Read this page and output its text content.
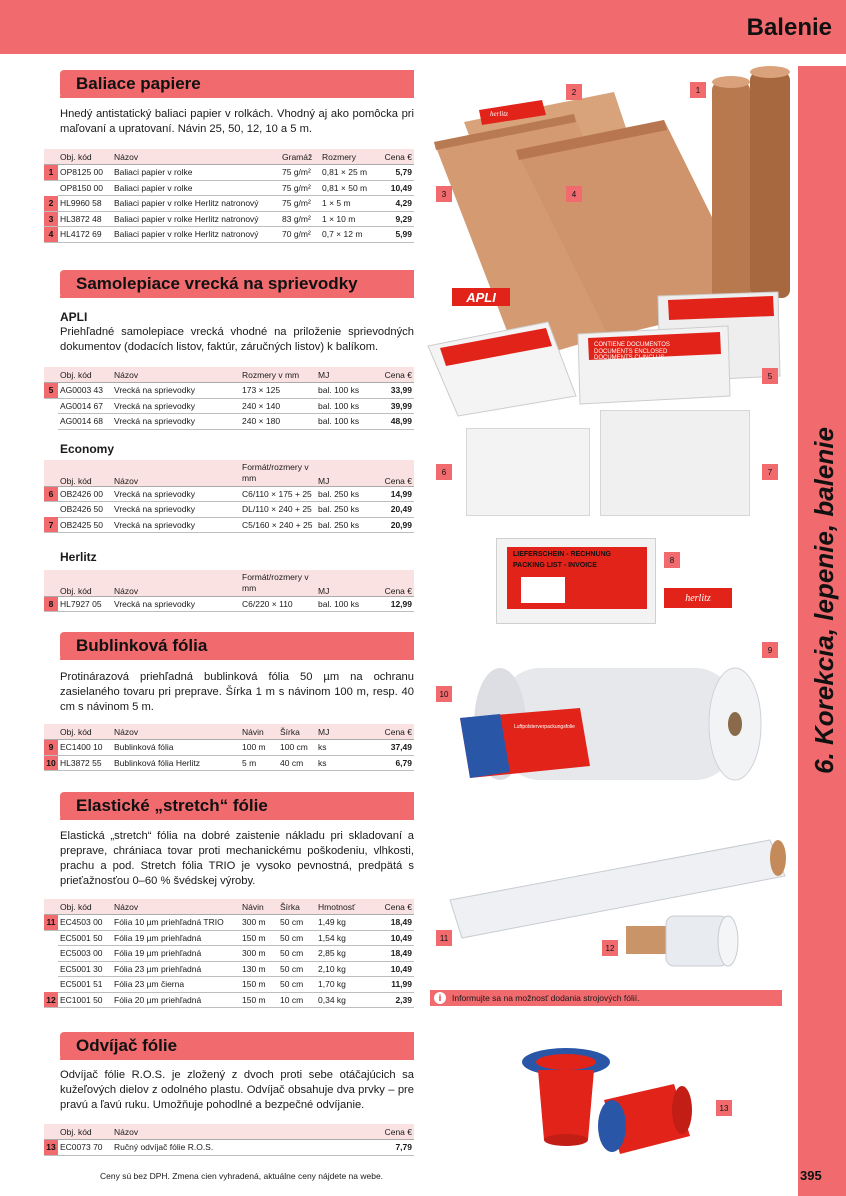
Balenie
6. Korekcia, lepenie, balenie
395
Baliace papiere
Hnedý antistatický baliaci papier v rolkách. Vhodný aj ako pomôcka pri maľovaní a upratovaní. Návin 25, 50, 12, 10 a 5 m.
	Obj. kód	Názov	Gramáž	Rozmery	Cena €
1	OP8125 00	Baliaci papier v rolke	75 g/m²	0,81 × 25 m	5,79
	OP8150 00	Baliaci papier v rolke	75 g/m²	0,81 × 50 m	10,49
2	HL9960 58	Baliaci papier v rolke Herlitz natronový	75 g/m²	1 × 5 m	4,29
3	HL3872 48	Baliaci papier v rolke Herlitz natronový	83 g/m²	1 × 10 m	9,29
4	HL4172 69	Baliaci papier v rolke Herlitz natronový	70 g/m²	0,7 × 12 m	5,99
Samolepiace vrecká na sprievodky
APLI
Priehľadné samolepiace vrecká vhodné na priloženie sprievodných dokumentov (dodacích listov, faktúr, záručných listov) k balíkom.
	Obj. kód	Názov	Rozmery v mm	MJ	Cena €
5	AG0003 43	Vrecká na sprievodky	173 × 125	bal. 100 ks	33,99
	AG0014 67	Vrecká na sprievodky	240 × 140	bal. 100 ks	39,99
	AG0014 68	Vrecká na sprievodky	240 × 180	bal. 100 ks	48,99
Economy
	Obj. kód	Názov	Formát/rozmery v mm	MJ	Cena €
6	OB2426 00	Vrecká na sprievodky	C6/110 × 175 + 25	bal. 250 ks	14,99
	OB2426 50	Vrecká na sprievodky	DL/110 × 240 + 25	bal. 250 ks	20,49
7	OB2425 50	Vrecká na sprievodky	C5/160 × 240 + 25	bal. 250 ks	20,99
Herlitz
	Obj. kód	Názov	Formát/rozmery v mm	MJ	Cena €
8	HL7927 05	Vrecká na sprievodky	C6/220 × 110	bal. 100 ks	12,99
Bublinková fólia
Protinárazová priehľadná bublinková fólia 50 µm na ochranu zasielaného tovaru pri preprave. Šírka 1 m s návinom 100 m, resp. 40 cm s návinom 5 m.
	Obj. kód	Názov	Návin	Šírka	MJ	Cena €
9	EC1400 10	Bublinková fólia	100 m	100 cm	ks	37,49
10	HL3872 55	Bublinková fólia Herlitz	5 m	40 cm	ks	6,79
Elastické „stretch“ fólie
Elastická „stretch“ fólia na dobré zaistenie nákladu pri skladovaní a preprave, chrániaca tovar proti mechanickému poškodeniu, vlhkosti, prachu a pod. Stretch fólia TRIO je vysoko pevnostná, predpätá s prieťažnosťou 0–60 % švédskej výroby.
	Obj. kód	Názov	Návin	Šírka	Hmotnosť	Cena €
11	EC4503 00	Fólia 10 µm priehľadná TRIO	300 m	50 cm	1,49 kg	18,49
	EC5001 50	Fólia 19 µm priehľadná	150 m	50 cm	1,54 kg	10,49
	EC5003 00	Fólia 19 µm priehľadná	300 m	50 cm	2,85 kg	18,49
	EC5001 30	Fólia 23 µm priehľadná	130 m	50 cm	2,10 kg	10,49
	EC5001 51	Fólia 23 µm čierna	150 m	50 cm	1,70 kg	11,99
12	EC1001 50	Fólia 20 µm priehľadná	150 m	10 cm	0,34 kg	2,39
Odvíjač fólie
Odvíjač fólie R.O.S. je zložený z dvoch proti sebe otáčajúcich sa kužeľových dielov z odolného plastu. Odvíjač obsahuje dva prvky – pre pravú a ľavú ruku. Umožňuje pohodlné a bezpečné odvíjanie.
	Obj. kód	Názov	Cena €
13	EC0073 70	Ručný odvíjač fólie R.O.S.	7,79
Ceny sú bez DPH. Zmena cien vyhradená, aktuálne ceny nájdete na webe.
herlitz
2	1
3	4
APLI
CONTIENE DOCUMENTOS
DOCUMENTS ENCLOSED
DOCUMENTS CI-INCLUS
5
6	7
LIEFERSCHEIN - RECHNUNG
PACKING LIST - INVOICE
8
herlitz
Luftpolsterverpackungsfolie
10
9
11
12
i	Informujte sa na možnosť dodania strojových fólií.
13
